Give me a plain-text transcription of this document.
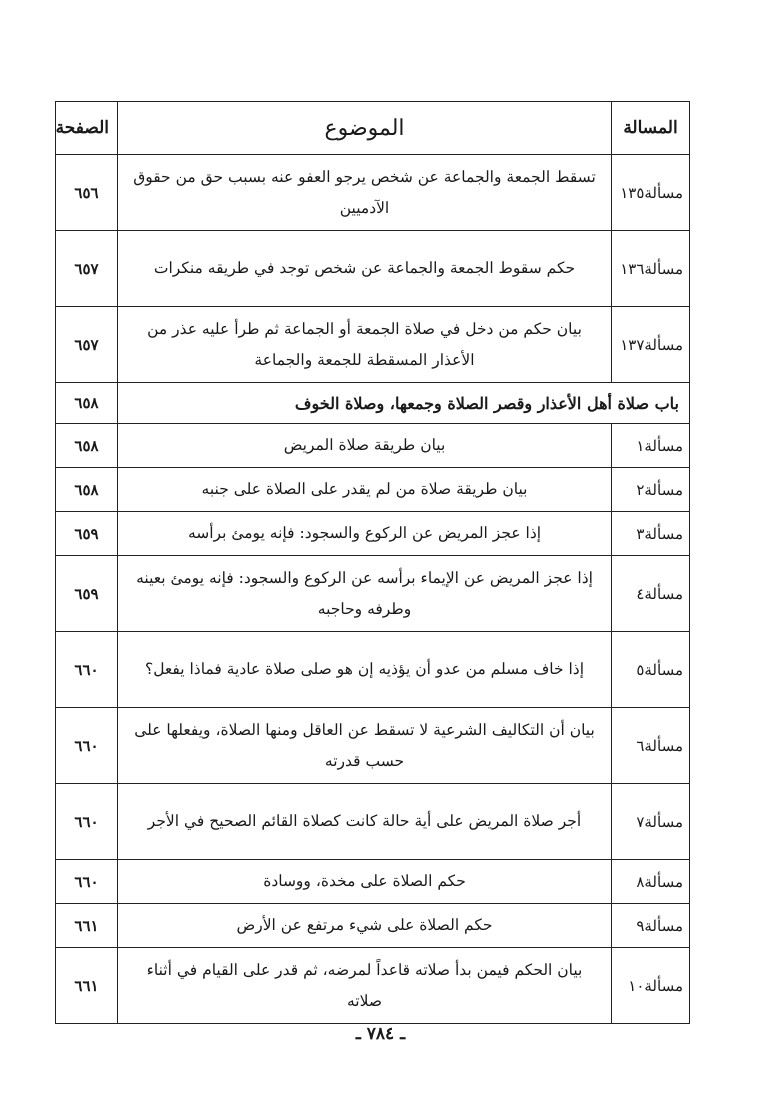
المسالة	الموضوع	الصفحة
مسألة١٣٥	تسقط الجمعة والجماعة عن شخص يرجو العفو عنه بسبب حق من حقوق الآدميين	٦٥٦
مسألة١٣٦	حكم سقوط الجمعة والجماعة عن شخص توجد في طريقه منكرات	٦٥٧
مسألة١٣٧	بيان حكم من دخل في صلاة الجمعة أو الجماعة ثم طرأ عليه عذر من الأعذار المسقطة للجمعة والجماعة	٦٥٧
باب صلاة أهل الأعذار وقصر الصلاة وجمعها، وصلاة الخوف		٦٥٨
مسألة١	بيان طريقة صلاة المريض	٦٥٨
مسألة٢	بيان طريقة صلاة من لم يقدر على الصلاة على جنبه	٦٥٨
مسألة٣	إذا عجز المريض عن الركوع والسجود: فإنه يومئ برأسه	٦٥٩
مسألة٤	إذا عجز المريض عن الإيماء برأسه عن الركوع والسجود: فإنه يومئ بعينه وطرفه وحاجبه	٦٥٩
مسألة٥	إذا خاف مسلم من عدو أن يؤذيه إن هو صلى صلاة عادية فماذا يفعل؟	٦٦٠
مسألة٦	بيان أن التكاليف الشرعية لا تسقط عن العاقل ومنها الصلاة، ويفعلها على حسب قدرته	٦٦٠
مسألة٧	أجر صلاة المريض على أية حالة كانت كصلاة القائم الصحيح في الأجر	٦٦٠
مسألة٨	حكم الصلاة على مخدة، ووسادة	٦٦٠
مسألة٩	حكم الصلاة على شيء مرتفع عن الأرض	٦٦١
مسألة١٠	بيان الحكم فيمن بدأ صلاته قاعداً لمرضه، ثم قدر على القيام في أثناء صلاته	٦٦١
ـ ٧٨٤ ـ
